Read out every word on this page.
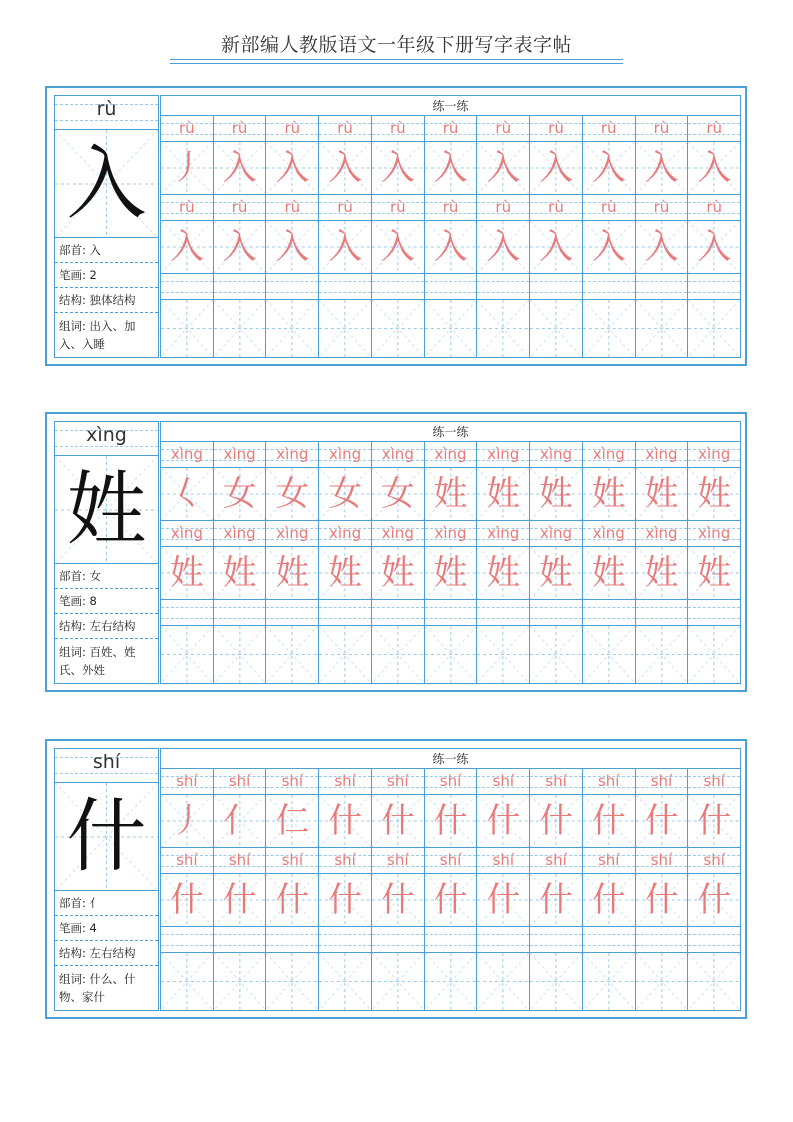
新部编人教版语文一年级下册写字表字帖
rù
入
部首: 入
笔画: 2
结构: 独体结构
组词: 出入、加入、入睡
练一练
rù	rù	rù	rù	rù	rù	rù	rù	rù	rù	rù
丿 入 入 入 入 入 入 入 入 入 入
rù	rù	rù	rù	rù	rù	rù	rù	rù	rù	rù
入 入 入 入 入 入 入 入 入 入 入
xìng
姓
部首: 女
笔画: 8
结构: 左右结构
组词: 百姓、姓氏、外姓
练一练
xìng	xìng	xìng	xìng	xìng	xìng	xìng	xìng	xìng	xìng	xìng
𡿨 女 女 女 女 姓 姓 姓 姓 姓 姓
xìng	xìng	xìng	xìng	xìng	xìng	xìng	xìng	xìng	xìng	xìng
姓 姓 姓 姓 姓 姓 姓 姓 姓 姓 姓
shí
什
部首: 亻
笔画: 4
结构: 左右结构
组词: 什么、什物、家什
练一练
shí	shí	shí	shí	shí	shí	shí	shí	shí	shí	shí
丿 亻 仁 什 什 什 什 什 什 什 什
shí	shí	shí	shí	shí	shí	shí	shí	shí	shí	shí
什 什 什 什 什 什 什 什 什 什 什
